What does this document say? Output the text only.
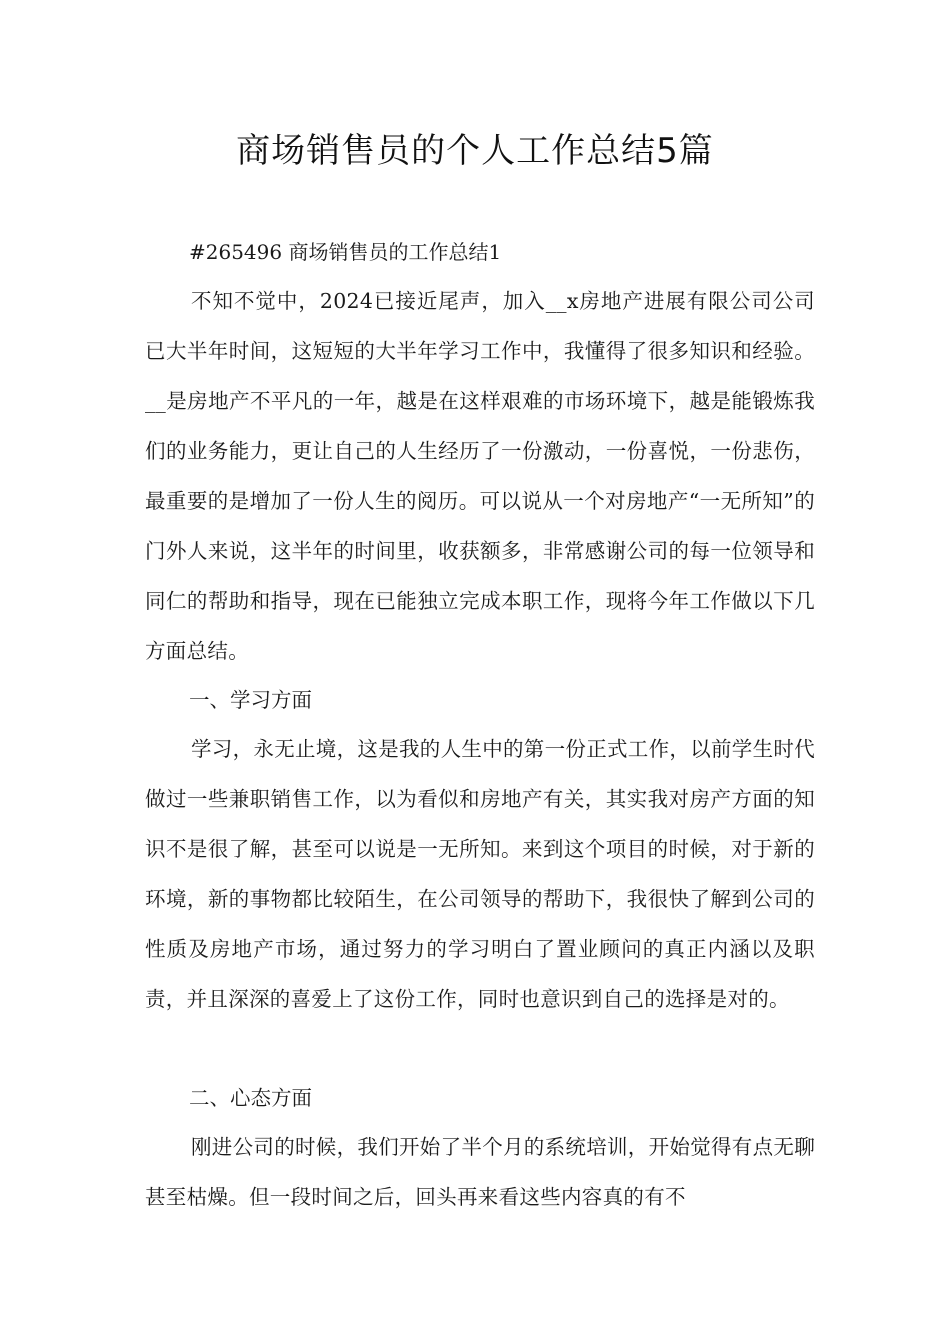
商场销售员的个人工作总结5篇

#265496 商场销售员的工作总结1

不知不觉中，2024已接近尾声，加入__x房地产进展有限公司公司已大半年时间，这短短的大半年学习工作中，我懂得了很多知识和经验。__是房地产不平凡的一年，越是在这样艰难的市场环境下，越是能锻炼我们的业务能力，更让自己的人生经历了一份激动，一份喜悦，一份悲伤，最重要的是增加了一份人生的阅历。可以说从一个对房地产“一无所知”的门外人来说，这半年的时间里，收获额多，非常感谢公司的每一位领导和同仁的帮助和指导，现在已能独立完成本职工作，现将今年工作做以下几方面总结。

一、学习方面

学习，永无止境，这是我的人生中的第一份正式工作，以前学生时代做过一些兼职销售工作，以为看似和房地产有关，其实我对房产方面的知识不是很了解，甚至可以说是一无所知。来到这个项目的时候，对于新的环境，新的事物都比较陌生，在公司领导的帮助下，我很快了解到公司的性质及房地产市场，通过努力的学习明白了置业顾问的真正内涵以及职责，并且深深的喜爱上了这份工作，同时也意识到自己的选择是对的。

二、心态方面

刚进公司的时候，我们开始了半个月的系统培训，开始觉得有点无聊甚至枯燥。但一段时间之后，回头再来看这些内容真的有不
